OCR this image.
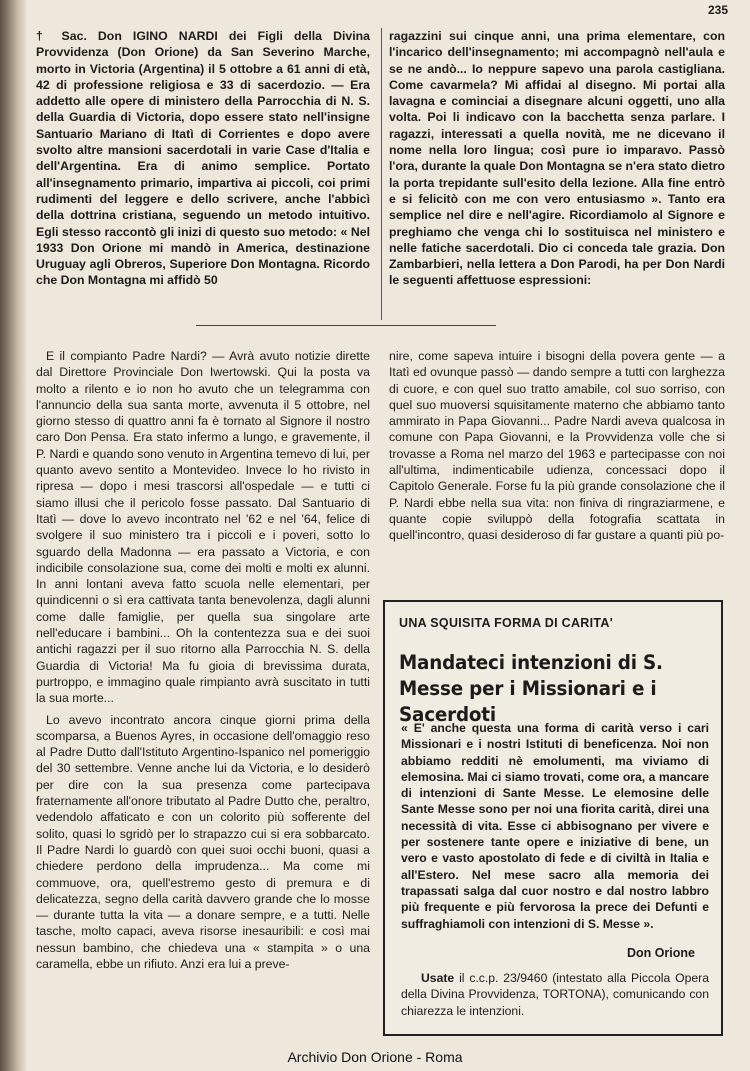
235

† Sac. Don IGINO NARDI dei Figli della Divina Provvidenza (Don Orione) da San Severino Marche, morto in Victoria (Argentina) il 5 ottobre a 61 anni di età, 42 di professione religiosa e 33 di sacerdozio. — Era addetto alle opere di ministero della Parrocchia di N. S. della Guardia di Victoria, dopo essere stato nell'insigne Santuario Mariano di Itatì di Corrientes e dopo avere svolto altre mansioni sacerdotali in varie Case d'Italia e dell'Argentina. Era di animo semplice. Portato all'insegnamento primario, impartiva ai piccoli, coi primi rudimenti del leggere e dello scrivere, anche l'abbicì della dottrina cristiana, seguendo un metodo intuitivo. Egli stesso raccontò gli inizi di questo suo metodo: « Nel 1933 Don Orione mi mandò in America, destinazione Uruguay agli Obreros, Superiore Don Montagna. Ricordo che Don Montagna mi affidò 50

ragazzini sui cinque anni, una prima elementare, con l'incarico dell'insegnamento; mi accompagnò nell'aula e se ne andò... Io neppure sapevo una parola castigliana. Come cavarmela? Mi affidai al disegno. Mi portai alla lavagna e cominciai a disegnare alcuni oggetti, uno alla volta. Poi li indicavo con la bacchetta senza parlare. I ragazzi, interessati a quella novità, me ne dicevano il nome nella loro lingua; così pure io imparavo. Passò l'ora, durante la quale Don Montagna se n'era stato dietro la porta trepidante sull'esito della lezione. Alla fine entrò e si felicitò con me con vero entusiasmo ». Tanto era semplice nel dire e nell'agire. Ricordiamolo al Signore e preghiamo che venga chi lo sostituisca nel ministero e nelle fatiche sacerdotali. Dio ci conceda tale grazia. Don Zambarbieri, nella lettera a Don Parodi, ha per Don Nardi le seguenti affettuose espressioni:

E il compianto Padre Nardi? — Avrà avuto notizie dirette dal Direttore Provinciale Don Iwertowski. Qui la posta va molto a rilento e io non ho avuto che un telegramma con l'annuncio della sua santa morte, avvenuta il 5 ottobre, nel giorno stesso di quattro anni fa è tornato al Signore il nostro caro Don Pensa. Era stato infermo a lungo, e gravemente, il P. Nardi e quando sono venuto in Argentina temevo di lui, per quanto avevo sentito a Montevideo. Invece lo ho rivisto in ripresa — dopo i mesi trascorsi all'ospedale — e tutti ci siamo illusi che il pericolo fosse passato. Dal Santuario di Itatì — dove lo avevo incontrato nel '62 e nel '64, felice di svolgere il suo ministero tra i piccoli e i poveri, sotto lo sguardo della Madonna — era passato a Victoria, e con indicibile consolazione sua, come dei molti e molti ex alunni. In anni lontani aveva fatto scuola nelle elementari, per quindicenni o sì era cattivata tanta benevolenza, dagli alunni come dalle famiglie, per quella sua singolare arte nell'educare i bambini... Oh la contentezza sua e dei suoi antichi ragazzi per il suo ritorno alla Parrocchia N. S. della Guardia di Victoria! Ma fu gioia di brevissima durata, purtroppo, e immagino quale rimpianto avrà suscitato in tutti la sua morte...

Lo avevo incontrato ancora cinque giorni prima della scomparsa, a Buenos Ayres, in occasione dell'omaggio reso al Padre Dutto dall'Istituto Argentino-Ispanico nel pomeriggio del 30 settembre. Venne anche lui da Victoria, e lo desiderò per dire con la sua presenza come partecipava fraternamente all'onore tributato al Padre Dutto che, peraltro, vedendolo affaticato e con un colorito più sofferente del solito, quasi lo sgridò per lo strapazzo cui si era sobbarcato. Il Padre Nardi lo guardò con quei suoi occhi buoni, quasi a chiedere perdono della imprudenza... Ma come mi commuove, ora, quell'estremo gesto di premura e di delicatezza, segno della carità davvero grande che lo mosse — durante tutta la vita — a donare sempre, e a tutti. Nelle tasche, molto capaci, aveva risorse inesauribili: e così mai nessun bambino, che chiedeva una « stampita » o una caramella, ebbe un rifiuto. Anzi era lui a preve-

nire, come sapeva intuire i bisogni della povera gente — a Itatì ed ovunque passò — dando sempre a tutti con larghezza di cuore, e con quel suo tratto amabile, col suo sorriso, con quel suo muoversi squisitamente materno che abbiamo tanto ammirato in Papa Giovanni... Padre Nardi aveva qualcosa in comune con Papa Giovanni, e la Provvidenza volle che si trovasse a Roma nel marzo del 1963 e partecipasse con noi all'ultima, indimenticabile udienza, concessaci dopo il Capitolo Generale. Forse fu la più grande consolazione che il P. Nardi ebbe nella sua vita: non finiva di ringraziarmene, e quante copie sviluppò della fotografia scattata in quell'incontro, quasi desideroso di far gustare a quanti più po-

UNA SQUISITA FORMA DI CARITA'
Mandateci intenzioni di S. Messe per i Missionari e i Sacerdoti
« E' anche questa una forma di carità verso i cari Missionari e i nostri Istituti di beneficenza. Noi non abbiamo redditi nè emolumenti, ma viviamo di elemosina. Mai ci siamo trovati, come ora, a mancare di intenzioni di Sante Messe. Le elemosine delle Sante Messe sono per noi una fiorita carità, direi una necessità di vita. Esse ci abbisognano per vivere e per sostenere tante opere e iniziative di bene, un vero e vasto apostolato di fede e di civiltà in Italia e all'Estero. Nel mese sacro alla memoria dei trapassati salga dal cuor nostro e dal nostro labbro più frequente e più fervorosa la prece dei Defunti e suffraghiamoli con intenzioni di S. Messe ».
Don Orione
Usate il c.c.p. 23/9460 (intestato alla Piccola Opera della Divina Provvidenza, TORTONA), comunicando con chiarezza le intenzioni.
Archivio Don Orione - Roma
